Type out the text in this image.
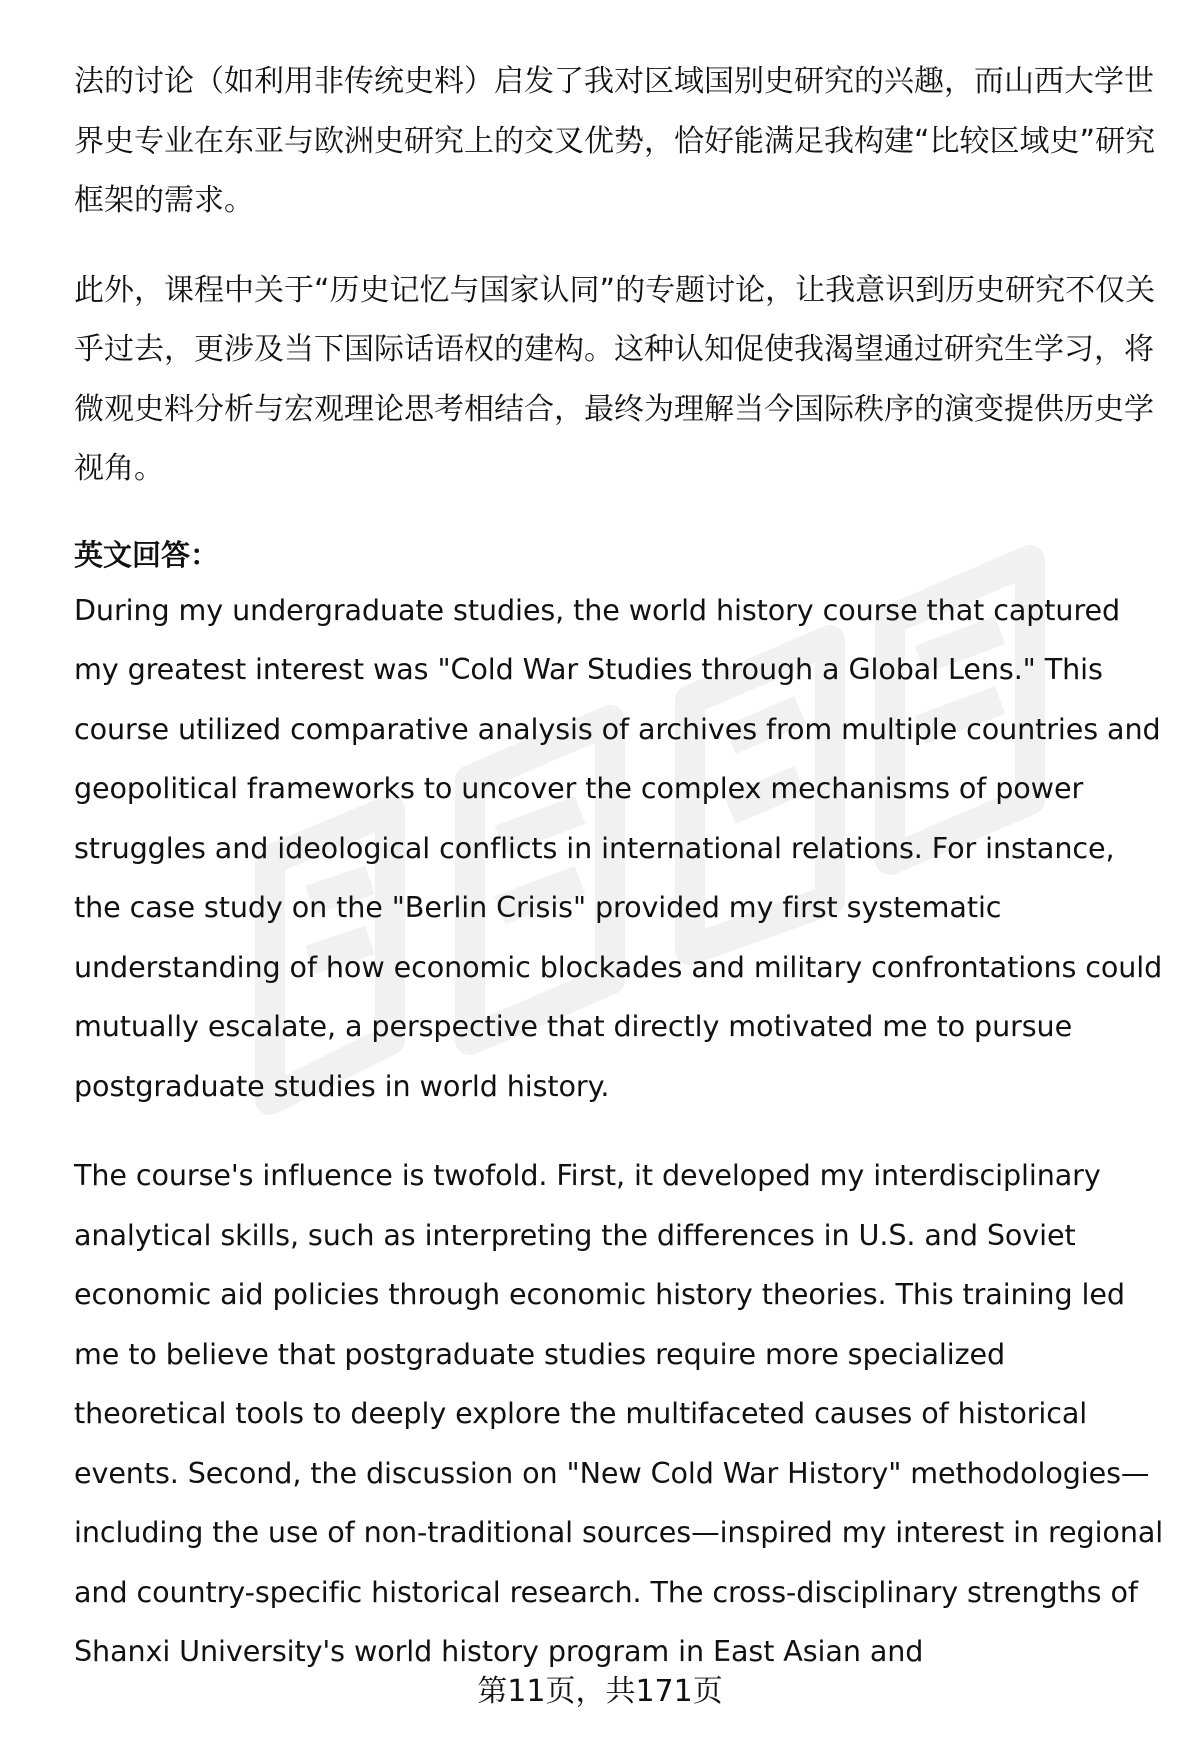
法的讨论（如利用非传统史料）启发了我对区域国别史研究的兴趣，而山西大学世界史专业在东亚与欧洲史研究上的交叉优势，恰好能满足我构建“比较区域史”研究框架的需求。

此外，课程中关于“历史记忆与国家认同”的专题讨论，让我意识到历史研究不仅关乎过去，更涉及当下国际话语权的建构。这种认知促使我渴望通过研究生学习，将微观史料分析与宏观理论思考相结合，最终为理解当今国际秩序的演变提供历史学视角。

英文回答：

During my undergraduate studies, the world history course that captured my greatest interest was "Cold War Studies through a Global Lens." This course utilized comparative analysis of archives from multiple countries and geopolitical frameworks to uncover the complex mechanisms of power struggles and ideological conflicts in international relations. For instance, the case study on the "Berlin Crisis" provided my first systematic understanding of how economic blockades and military confrontations could mutually escalate, a perspective that directly motivated me to pursue postgraduate studies in world history.

The course's influence is twofold. First, it developed my interdisciplinary analytical skills, such as interpreting the differences in U.S. and Soviet economic aid policies through economic history theories. This training led me to believe that postgraduate studies require more specialized theoretical tools to deeply explore the multifaceted causes of historical events. Second, the discussion on "New Cold War History" methodologies—including the use of non-traditional sources—inspired my interest in regional and country-specific historical research. The cross-disciplinary strengths of Shanxi University's world history program in East Asian and

第11页，共171页
